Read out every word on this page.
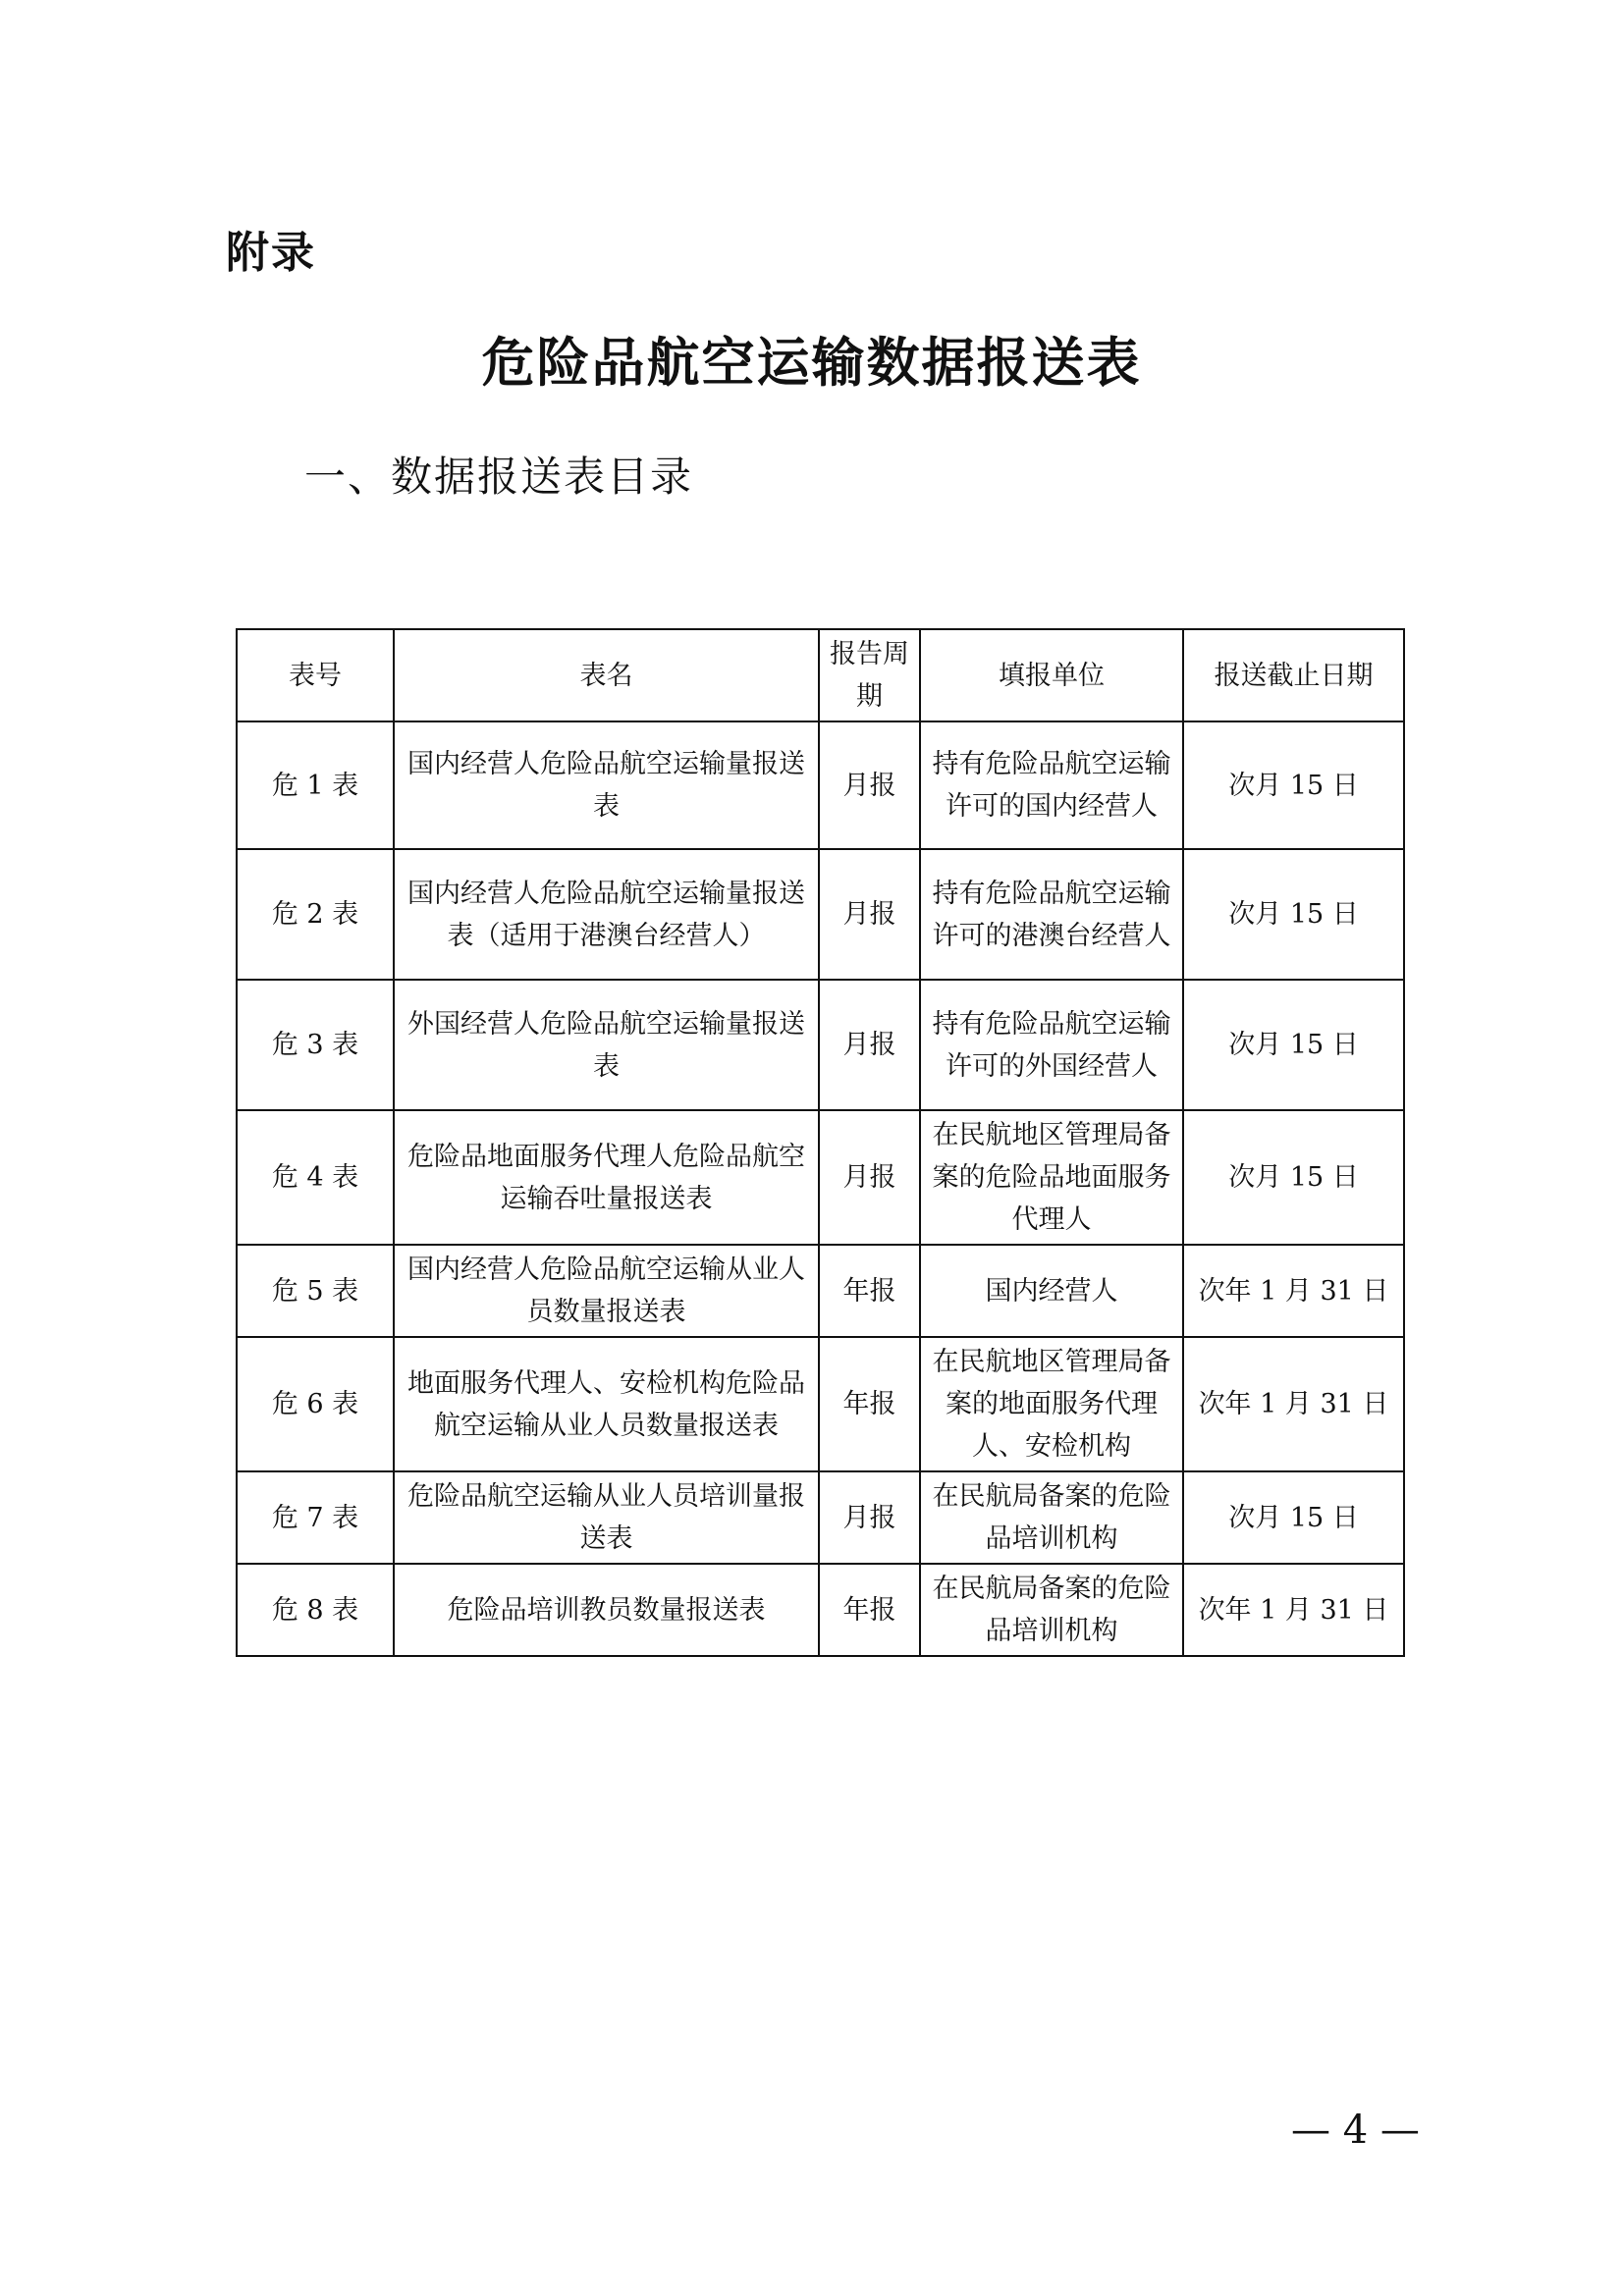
附录
危险品航空运输数据报送表
一、数据报送表目录
表号	表名	报告周期	填报单位	报送截止日期
危 1 表	国内经营人危险品航空运输量报送表	月报	持有危险品航空运输许可的国内经营人	次月 15 日
危 2 表	国内经营人危险品航空运输量报送表（适用于港澳台经营人）	月报	持有危险品航空运输许可的港澳台经营人	次月 15 日
危 3 表	外国经营人危险品航空运输量报送表	月报	持有危险品航空运输许可的外国经营人	次月 15 日
危 4 表	危险品地面服务代理人危险品航空运输吞吐量报送表	月报	在民航地区管理局备案的危险品地面服务代理人	次月 15 日
危 5 表	国内经营人危险品航空运输从业人员数量报送表	年报	国内经营人	次年 1 月 31 日
危 6 表	地面服务代理人、安检机构危险品航空运输从业人员数量报送表	年报	在民航地区管理局备案的地面服务代理人、安检机构	次年 1 月 31 日
危 7 表	危险品航空运输从业人员培训量报送表	月报	在民航局备案的危险品培训机构	次月 15 日
危 8 表	危险品培训教员数量报送表	年报	在民航局备案的危险品培训机构	次年 1 月 31 日
— 4 —
